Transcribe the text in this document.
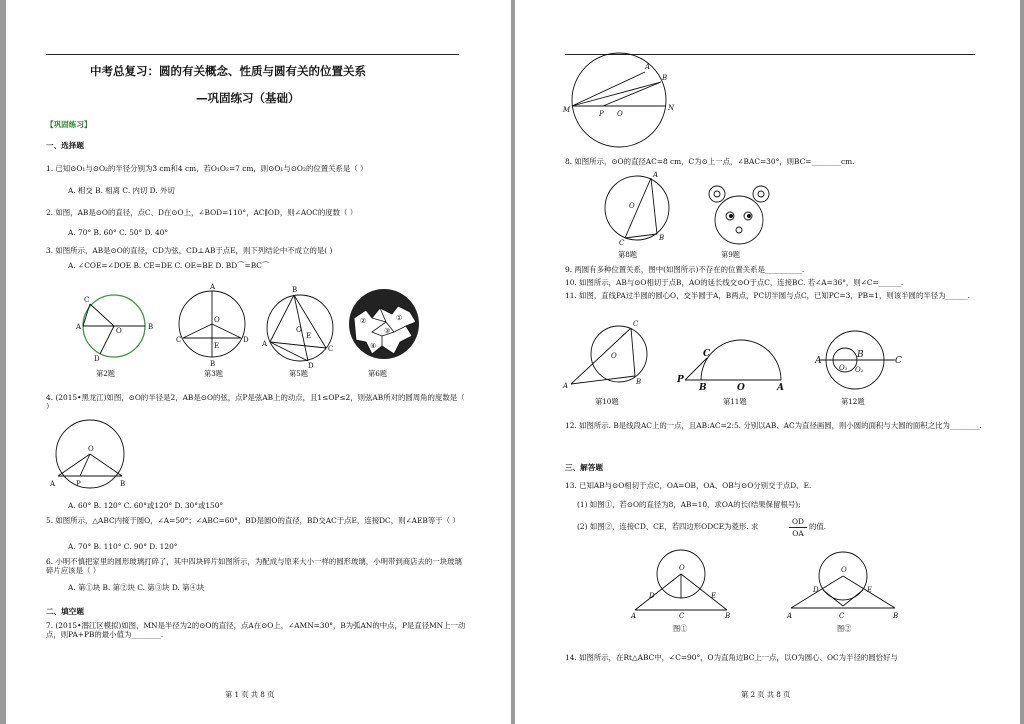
中考总复习：圆的有关概念、性质与圆有关的位置关系
—巩固练习（基础）
【巩固练习】
一、选择题
1. 已知⊙O₁与⊙O₂的半径分别为3 cm和4 cm，若O₁O₂=7 cm，则⊙O₁与⊙O₂的位置关系是（ ）
A. 相交 B. 相离 C. 内切 D. 外切
2. 如图，AB是⊙O的直径，点C、D在⊙O上，∠BOD=110°，AC∥OD，则∠AOC的度数（ ）
A. 70° B. 60° C. 50° D. 40°
3. 如图所示，AB是⊙O的直径，CD为弦，CD⊥AB于点E，则下列结论中不成立的是( )
A. ∠COE=∠DOE B. CE=DE C. OE=BE D. BD⌒=BC⌒
A	B
C
D
O
A
B
C	D
O
E
B
A
C
D
O
E
②	①
③
④
第2题	第3题	第5题	第6题
4. (2015•黑龙江)如图，⊙O的半径是2，AB是⊙O的弦，点P是弦AB上的动点，且1≤OP≤2，则弦AB所对的圆周角的度数是（ ）
O
A	P	B
A. 60° B. 120° C. 60°或120° D. 30°或150°
5. 如图所示，△ABC内接于圆O，∠A=50°；∠ABC=60°，BD是圆O的直径，BD交AC于点E，连接DC，则∠AEB等于（ ）
A. 70° B. 110° C. 90° D. 120°
6. 小明不慎把家里的圆形玻璃打碎了，其中四块碎片如图所示，为配成与原来大小一样的圆形玻璃，小明带到商店去的一块玻璃碎片应该是（ ）
A. 第①块 B. 第②块 C. 第③块 D. 第④块
二、填空题
7. (2015•潜江区模拟)如图，MN是半径为2的⊙O的直径，点A在⊙O上，∠AMN=30°，B为弧AN的中点，P是直径MN上一动点，则PA+PB的最小值为________.
第 1 页 共 8 页
M	N
A
B
P O
8. 如图所示，⊙O的直径AC=8 cm，C为⊙上一点，∠BAC=30°，则BC=________cm.
A
C
B
O
第8题	第9题
9. 两圆有多种位置关系，图中(如图所示)不存在的位置关系是__________.
10. 如图所示，AB与⊙O相切于点B，AO的延长线交⊙O于点C，连接BC. 若∠A=36°，则∠C=______.
11. 如图，直线PA过半圆的圆心O，交半圆于A，B两点，PC切半圆与点C，已知PC=3，PB=1，则该半圆的半径为______.
A
C
B
O
P
C
B	O	A
A
B
C
O₁ O₂
第10题	第11题	第12题
12. 如图所示. B是线段AC上的一点，且AB:AC=2:5. 分别以AB、AC为直径画圆，则小圆的面积与大圆的面积之比为________.
三、解答题
13. 已知AB与⊙O相切于点C，OA=OB，OA、OB与⊙O分别交于点D、E.
(1) 如图①，若⊙O的直径为8，AB=10，求OA的长(结果保留根号);
(2) 如图②，连接CD、CE，若四边形ODCE为菱形. 求
OD
OA
的值.
O
A	B
C
D	E
O
A	B
C
D	E
图①	图②
14. 如图所示，在Rt△ABC中，∠C=90°，O为直角边BC上一点，以O为圆心、OC为半径的圆恰好与
第 2 页 共 8 页
